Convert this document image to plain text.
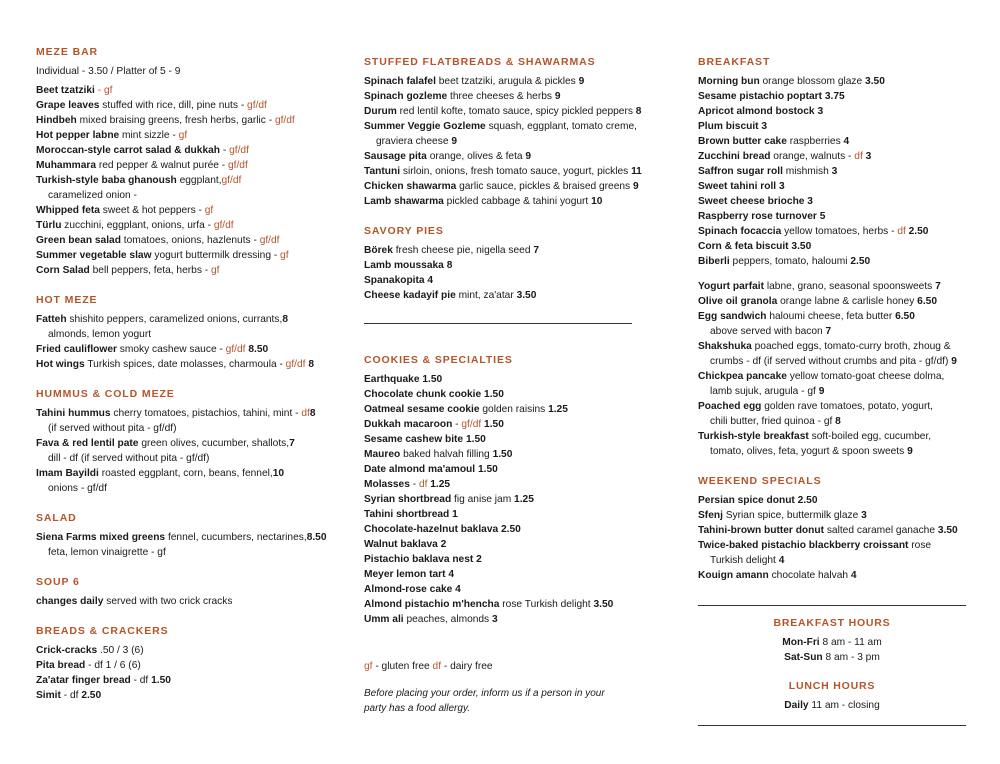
MEZE BAR
Individual - 3.50 / Platter of 5 - 9
Beet tzatziki - gf
Grape leaves stuffed with rice, dill, pine nuts - gf/df
Hindbeh mixed braising greens, fresh herbs, garlic - gf/df
Hot pepper labne mint sizzle - gf
Moroccan-style carrot salad & dukkah - gf/df
Muhammara red pepper & walnut purée - gf/df
Turkish-style baba ghanoush eggplant,gf/df
caramelized onion -
Whipped feta sweet & hot peppers - gf
Türlu zucchini, eggplant, onions, urfa - gf/df
Green bean salad tomatoes, onions, hazlenuts - gf/df
Summer vegetable slaw yogurt buttermilk dressing - gf
Corn Salad bell peppers, feta, herbs - gf
HOT MEZE
Fatteh shishito peppers, caramelized onions, currants,8
almonds, lemon yogurt
Fried cauliflower smoky cashew sauce - gf/df 8.50
Hot wings Turkish spices, date molasses, charmoula - gf/df 8
HUMMUS & COLD MEZE
Tahini hummus cherry tomatoes, pistachios, tahini, mint - df8
(if served without pita - gf/df)
Fava & red lentil pate green olives, cucumber, shallots,7
dill - df (if served without pita - gf/df)
Imam Bayildi roasted eggplant, corn, beans, fennel,10
onions - gf/df
SALAD
Siena Farms mixed greens fennel, cucumbers, nectarines,8.50
feta, lemon vinaigrette - gf
SOUP 6
changes daily served with two crick cracks
BREADS & CRACKERS
Crick-cracks .50 / 3 (6)
Pita bread - df 1 / 6 (6)
Za'atar finger bread - df 1.50
Simit - df 2.50
STUFFED FLATBREADS & SHAWARMAS
Spinach falafel beet tzatziki, arugula & pickles 9
Spinach gozleme three cheeses & herbs 9
Durum red lentil kofte, tomato sauce, spicy pickled peppers 8
Summer Veggie Gozleme squash, eggplant, tomato creme,
graviera cheese 9
Sausage pita orange, olives & feta 9
Tantuni sirloin, onions, fresh tomato sauce, yogurt, pickles 11
Chicken shawarma garlic sauce, pickles & braised greens 9
Lamb shawarma pickled cabbage & tahini yogurt 10
SAVORY PIES
Börek fresh cheese pie, nigella seed 7
Lamb moussaka 8
Spanakopita 4
Cheese kadayif pie mint, za'atar 3.50
COOKIES & SPECIALTIES
Earthquake 1.50
Chocolate chunk cookie 1.50
Oatmeal sesame cookie golden raisins 1.25
Dukkah macaroon - gf/df 1.50
Sesame cashew bite 1.50
Maureo baked halvah filling 1.50
Date almond ma'amoul 1.50
Molasses - df 1.25
Syrian shortbread fig anise jam 1.25
Tahini shortbread 1
Chocolate-hazelnut baklava 2.50
Walnut baklava 2
Pistachio baklava nest 2
Meyer lemon tart 4
Almond-rose cake 4
Almond pistachio m'hencha rose Turkish delight 3.50
Umm ali peaches, almonds 3
gf - gluten free df - dairy free
Before placing your order, inform us if a person in your party has a food allergy.
BREAKFAST
Morning bun orange blossom glaze 3.50
Sesame pistachio poptart 3.75
Apricot almond bostock 3
Plum biscuit 3
Brown butter cake raspberries 4
Zucchini bread orange, walnuts - df 3
Saffron sugar roll mishmish 3
Sweet tahini roll 3
Sweet cheese brioche 3
Raspberry rose turnover 5
Spinach focaccia yellow tomatoes, herbs - df 2.50
Corn & feta biscuit 3.50
Biberli peppers, tomato, haloumi 2.50
Yogurt parfait labne, grano, seasonal spoonsweets 7
Olive oil granola orange labne & carlisle honey 6.50
Egg sandwich haloumi cheese, feta butter 6.50
above served with bacon 7
Shakshuka poached eggs, tomato-curry broth, zhoug &
crumbs - df (if served without crumbs and pita - gf/df) 9
Chickpea pancake yellow tomato-goat cheese dolma,
lamb sujuk, arugula - gf 9
Poached egg golden rave tomatoes, potato, yogurt,
chili butter, fried quinoa - gf 8
Turkish-style breakfast soft-boiled egg, cucumber,
tomato, olives, feta, yogurt & spoon sweets 9
WEEKEND SPECIALS
Persian spice donut 2.50
Sfenj Syrian spice, buttermilk glaze 3
Tahini-brown butter donut salted caramel ganache 3.50
Twice-baked pistachio blackberry croissant rose
Turkish delight 4
Kouign amann chocolate halvah 4
BREAKFAST HOURS
Mon-Fri 8 am - 11 am
Sat-Sun 8 am - 3 pm
LUNCH HOURS
Daily 11 am - closing
